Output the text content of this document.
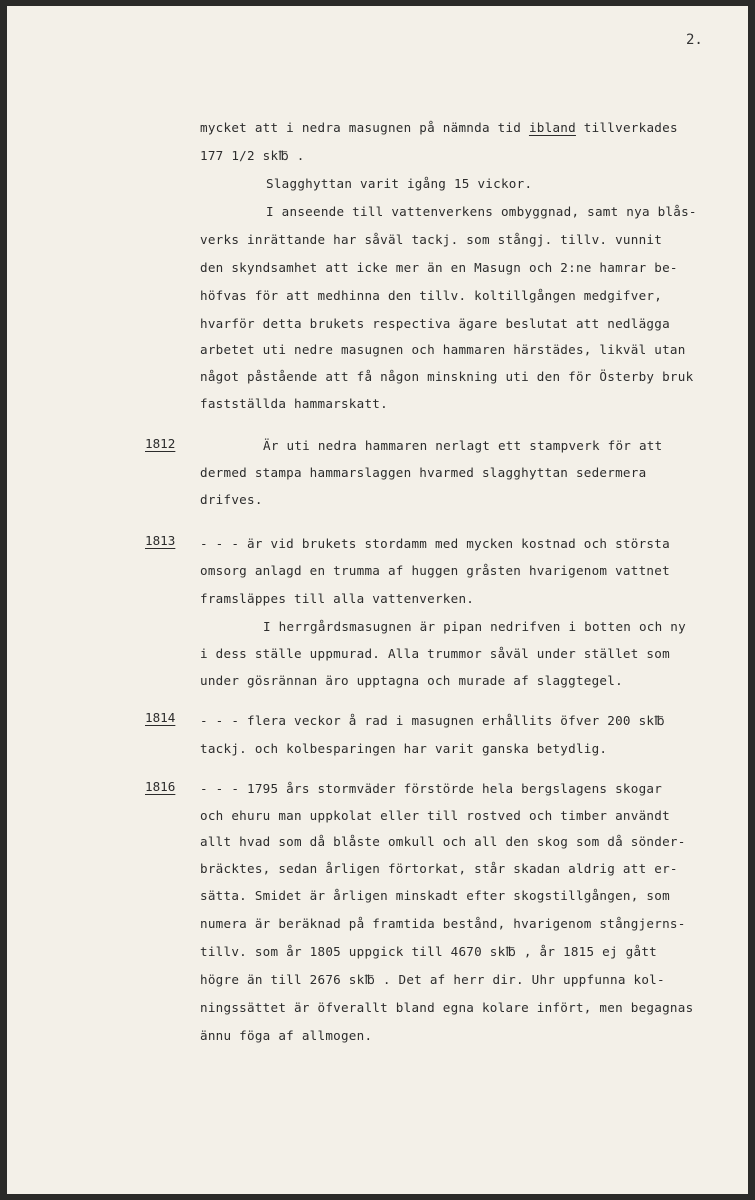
2.
mycket att i nedra masugnen på nämnda tid ibland tillverkades
177 1/2 sk℔ .
Slagghyttan varit igång 15 vickor.
I anseende till vattenverkens ombyggnad, samt nya blås-
verks inrättande har såväl tackj. som stångj. tillv. vunnit
den skyndsamhet att icke mer än en Masugn och 2:ne hamrar be-
höfvas för att medhinna den tillv. koltillgången medgifver,
hvarför detta brukets respectiva ägare beslutat att nedlägga
arbetet uti nedre masugnen och hammaren härstädes, likväl utan
något påstående att få någon minskning uti den för Österby bruk
fastställda hammarskatt.
1812	Är uti nedra hammaren nerlagt ett stampverk för att
dermed stampa hammarslaggen hvarmed slagghyttan sedermera
drifves.
1813 - - - är vid brukets stordamm med mycken kostnad och största
omsorg anlagd en trumma af huggen gråsten hvarigenom vattnet
framsläppes till alla vattenverken.
I herrgårdsmasugnen är pipan nedrifven i botten och ny
i dess ställe uppmurad. Alla trummor såväl under stället som
under gösrännan äro upptagna och murade af slaggtegel.
1814 - - - flera veckor å rad i masugnen erhållits öfver 200 sk℔
tackj. och kolbesparingen har varit ganska betydlig.
1816 - - - 1795 års stormväder förstörde hela bergslagens skogar
och ehuru man uppkolat eller till rostved och timber användt
allt hvad som då blåste omkull och all den skog som då sönder-
bräcktes, sedan årligen förtorkat, står skadan aldrig att er-
sätta. Smidet är årligen minskadt efter skogstillgången, som
numera är beräknad på framtida bestånd, hvarigenom stångjerns-
tillv. som år 1805 uppgick till 4670 sk℔ , år 1815 ej gått
högre än till 2676 sk℔ . Det af herr dir. Uhr uppfunna kol-
ningssättet är öfverallt bland egna kolare infört, men begagnas
ännu föga af allmogen.
